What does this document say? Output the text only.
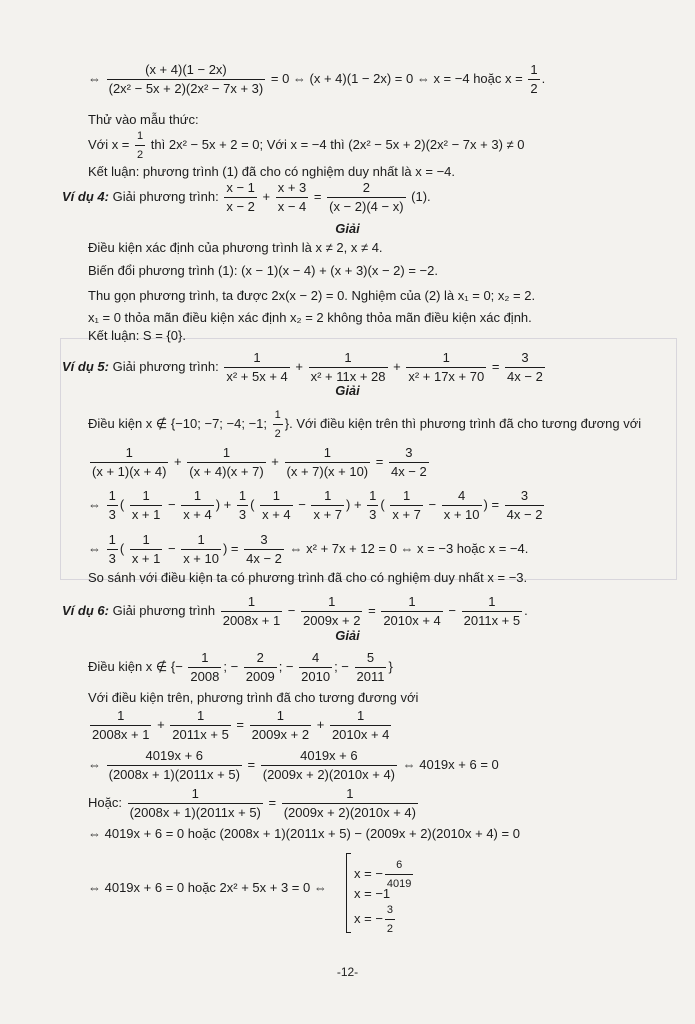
⇔ $\frac{(x + 4)(1 - 2x)}{\text{(2x² − 5x + 2)(2x² − 7x + 3)}} = 0$ ⇔ (x + 4)(1 − 2x) = 0 ⇔ x = −4 hoặc $x = \frac{1}{2}$ .
Thử vào mẫu thức:
Với $x = \frac{1}{2}$ thì 2x² − 5x + 2 = 0; Với x = −4 thì (2x² − 5x + 2)(2x² − 7x + 3) ≠ 0
Kết luận: phương trình (1) đã cho có nghiệm duy nhất là x = −4.
Ví dụ 4: Giải phương trình: $\frac{x - 1}{x - 2} + \frac{x + 3}{x - 4} = \frac{2}{(x - 2)(4 - x)} (1)$.
Giải
Điều kiện xác định của phương trình là x ≠ 2, x ≠ 4.
Biến đổi phương trình (1): (x − 1)(x − 4) + (x + 3)(x − 2) = −2.
Thu gọn phương trình, ta được 2x(x − 2) = 0. Nghiệm của (2) là x₁ = 0; x₂ = 2.
x₁ = 0 thỏa mãn điều kiện xác định x₂ = 2 không thỏa mãn điều kiện xác định.
Kết luận: S = {0}.
Ví dụ 5: Giải phương trình: $\frac{1}{\text{x² + 5x + 4}} + \frac{1}{\text{x² + 11x + 28}} + \frac{1}{\text{x² + 17x + 70}} = \frac{3}{4x - 2}$
Giải
Điều kiện x ∉ {−10; −7; −4; −1; $\frac{1}{2}$ }. Với điều kiện trên thì phương trình đã cho tương đương với
$\frac{1}{(x + 1)(x + 4)} + \frac{1}{(x + 4)(x + 7)} + \frac{1}{(x + 7)(x + 10)} = \frac{3}{4x - 2}$
⇔ $\frac{1}{3}$ ( $\frac{1}{x + 1} - \frac{1}{x + 4}$ ) + $\frac{1}{3}$ ( $\frac{1}{x + 4} - \frac{1}{x + 7}$ ) + $\frac{1}{3}$ ( $\frac{1}{x + 7} - \frac{4}{x + 10}$ ) = $\frac{3}{4x - 2}$
⇔ $\frac{1}{3}$ ( $\frac{1}{x + 1} - \frac{1}{x + 10}$ ) = $\frac{3}{4x - 2}$ ⇔ x² + 7x + 12 = 0 ⇔ x = −3 hoặc x = −4.
So sánh với điều kiện ta có phương trình đã cho có nghiệm duy nhất x = −3.
Ví dụ 6: Giải phương trình $\frac{1}{2008x + 1} - \frac{1}{2009x + 2} = \frac{1}{2010x + 4} - \frac{1}{2011x + 5}$ .
Giải
Điều kiện x ∉ {− $\frac{1}{2008}$ ; − $\frac{2}{2009}$ ; − $\frac{4}{2010}$ ; − $\frac{5}{2011}$ }
Với điều kiện trên, phương trình đã cho tương đương với
$\frac{1}{2008x + 1} + \frac{1}{2011x + 5} = \frac{1}{2009x + 2} + \frac{1}{2010x + 4}$
⇔ $\frac{4019x + 6}{(2008x + 1)(2011x + 5)} = \frac{4019x + 6}{(2009x + 2)(2010x + 4)}$ ⇔ 4019x + 6 = 0
Hoặc: $\frac{1}{(2008x + 1)(2011x + 5)} = \frac{1}{(2009x + 2)(2010x + 4)}$
⇔ 4019x + 6 = 0 hoặc (2008x + 1)(2011x + 5) − (2009x + 2)(2010x + 4) = 0
⇔ 4019x + 6 = 0 hoặc 2x² + 5x + 3 = 0 ⇔
x = − $\frac{6}{4019}$
x = −1
x = − $\frac{3}{2}$
-12-
